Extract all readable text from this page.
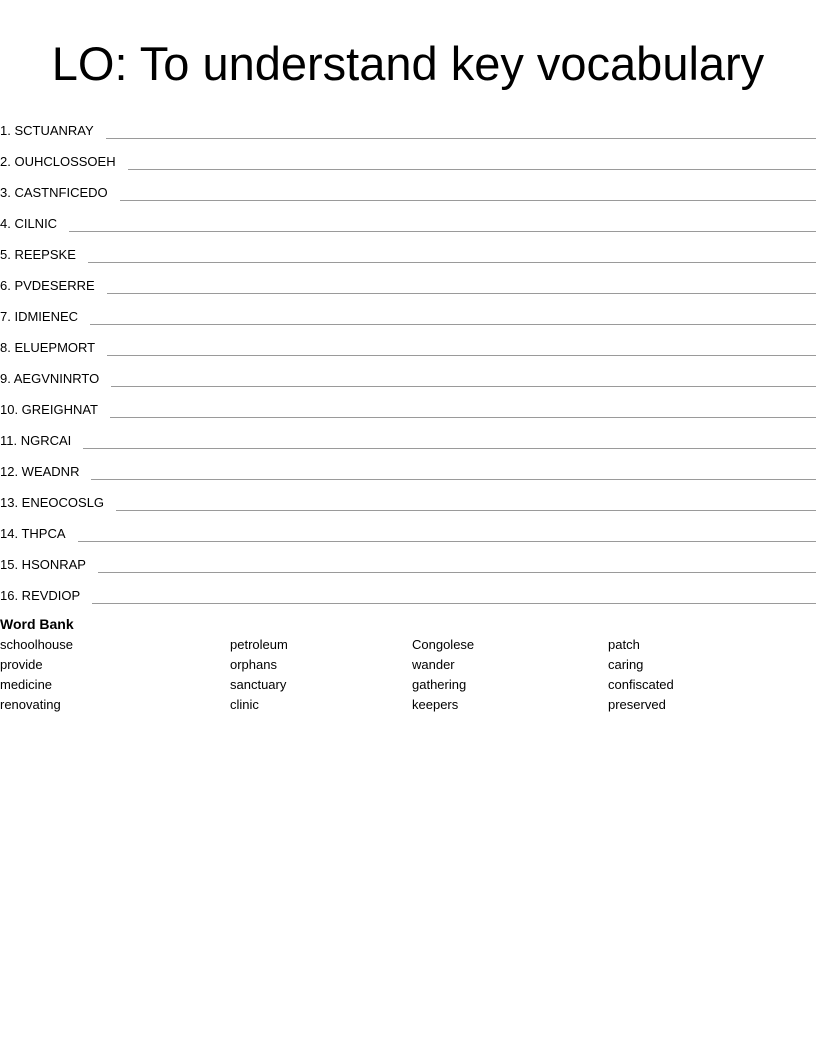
LO: To understand key vocabulary
1. SCTUANRAY
2. OUHCLOSSOEH
3. CASTNFICEDO
4. CILNIC
5. REEPSKE
6. PVDESERRE
7. IDMIENEC
8. ELUEPMORT
9. AEGVNINRTO
10. GREIGHNAT
11. NGRCAI
12. WEADNR
13. ENEOCOSLG
14. THPCA
15. HSONRAP
16. REVDIOP
Word Bank
schoolhouse
provide
medicine
renovating
petroleum
orphans
sanctuary
clinic
Congolese
wander
gathering
keepers
patch
caring
confiscated
preserved
